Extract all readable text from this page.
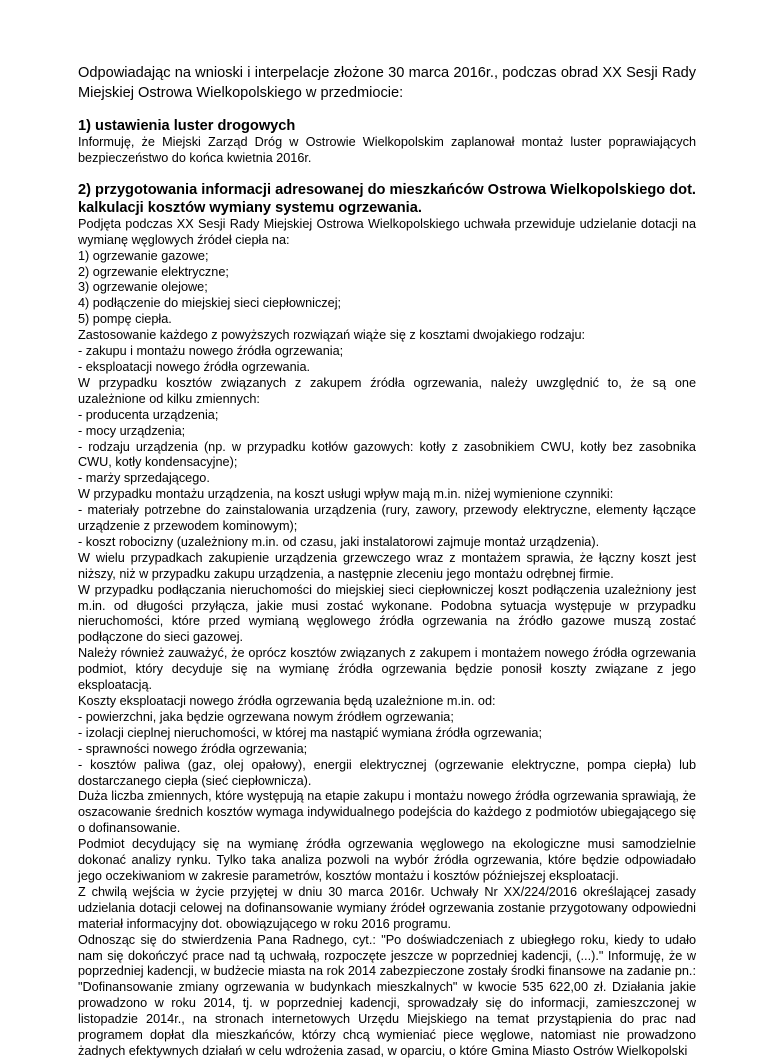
Odpowiadając na wnioski i interpelacje złożone 30 marca 2016r., podczas obrad XX Sesji Rady Miejskiej Ostrowa Wielkopolskiego w przedmiocie:

1) ustawienia luster drogowych

Informuję, że Miejski Zarząd Dróg w Ostrowie Wielkopolskim zaplanował montaż luster poprawiających bezpieczeństwo do końca kwietnia 2016r.

2) przygotowania informacji adresowanej do mieszkańców Ostrowa Wielkopolskiego dot. kalkulacji kosztów wymiany systemu ogrzewania.

Podjęta podczas XX Sesji Rady Miejskiej Ostrowa Wielkopolskiego uchwała przewiduje udzielanie dotacji na wymianę węglowych źródeł ciepła na:

1) ogrzewanie gazowe;

2) ogrzewanie elektryczne;

3) ogrzewanie olejowe;

4) podłączenie do miejskiej sieci ciepłowniczej;

5) pompę ciepła.

Zastosowanie każdego z powyższych rozwiązań wiąże się z kosztami dwojakiego rodzaju:

- zakupu i montażu nowego źródła ogrzewania;

- eksploatacji nowego źródła ogrzewania.

W przypadku kosztów związanych z zakupem źródła ogrzewania, należy uwzględnić to, że są one uzależnione od kilku zmiennych:

- producenta urządzenia;

- mocy urządzenia;

- rodzaju urządzenia (np. w przypadku kotłów gazowych: kotły z zasobnikiem CWU, kotły bez zasobnika CWU, kotły kondensacyjne);

- marży sprzedającego.

W przypadku montażu urządzenia, na koszt usługi wpływ mają m.in. niżej wymienione czynniki:

- materiały potrzebne do zainstalowania urządzenia (rury, zawory, przewody elektryczne, elementy łączące urządzenie z przewodem kominowym);

- koszt robocizny (uzależniony m.in. od czasu, jaki instalatorowi zajmuje montaż urządzenia).

W wielu przypadkach zakupienie urządzenia grzewczego wraz z montażem sprawia, że łączny koszt jest niższy, niż w przypadku zakupu urządzenia, a następnie zleceniu jego montażu odrębnej firmie.

W przypadku podłączania nieruchomości do miejskiej sieci ciepłowniczej koszt podłączenia uzależniony jest m.in. od długości przyłącza, jakie musi zostać wykonane. Podobna sytuacja występuje w przypadku nieruchomości, które przed wymianą węglowego źródła ogrzewania na źródło gazowe muszą zostać podłączone do sieci gazowej.

Należy również zauważyć, że oprócz kosztów związanych z zakupem i montażem nowego źródła ogrzewania podmiot, który decyduje się na wymianę źródła ogrzewania będzie ponosił koszty związane z jego eksploatacją.

Koszty eksploatacji nowego źródła ogrzewania będą uzależnione m.in. od:

- powierzchni, jaka będzie ogrzewana nowym źródłem ogrzewania;

- izolacji cieplnej nieruchomości, w której ma nastąpić wymiana źródła ogrzewania;

- sprawności nowego źródła ogrzewania;

- kosztów paliwa (gaz, olej opałowy), energii elektrycznej (ogrzewanie elektryczne, pompa ciepła) lub dostarczanego ciepła (sieć ciepłownicza).

Duża liczba zmiennych, które występują na etapie zakupu i montażu nowego źródła ogrzewania sprawiają, że oszacowanie średnich kosztów wymaga indywidualnego podejścia do każdego z podmiotów ubiegającego się o dofinansowanie.

Podmiot decydujący się na wymianę źródła ogrzewania węglowego na ekologiczne musi samodzielnie dokonać analizy rynku. Tylko taka analiza pozwoli na wybór źródła ogrzewania, które będzie odpowiadało jego oczekiwaniom w zakresie parametrów, kosztów montażu i kosztów późniejszej eksploatacji.

Z chwilą wejścia w życie przyjętej w dniu 30 marca 2016r. Uchwały Nr XX/224/2016 określającej zasady udzielania dotacji celowej na dofinansowanie wymiany źródeł ogrzewania zostanie przygotowany odpowiedni materiał informacyjny dot. obowiązującego w roku 2016 programu.

Odnosząc się do stwierdzenia Pana Radnego, cyt.: "Po doświadczeniach z ubiegłego roku, kiedy to udało nam się dokończyć prace nad tą uchwałą, rozpoczęte jeszcze w poprzedniej kadencji, (...)." Informuję, że w poprzedniej kadencji, w budżecie miasta na rok 2014 zabezpieczone zostały środki finansowe na zadanie pn.: "Dofinansowanie zmiany ogrzewania w budynkach mieszkalnych" w kwocie 535 622,00 zł. Działania jakie prowadzono w roku 2014, tj. w poprzedniej kadencji, sprowadzały się do informacji, zamieszczonej w listopadzie 2014r., na stronach internetowych Urzędu Miejskiego na temat przystąpienia do prac nad programem dopłat dla mieszkańców, którzy chcą wymieniać piece węglowe, natomiast nie prowadzono żadnych efektywnych działań w celu wdrożenia zasad, w oparciu, o które Gmina Miasto Ostrów Wielkopolski
